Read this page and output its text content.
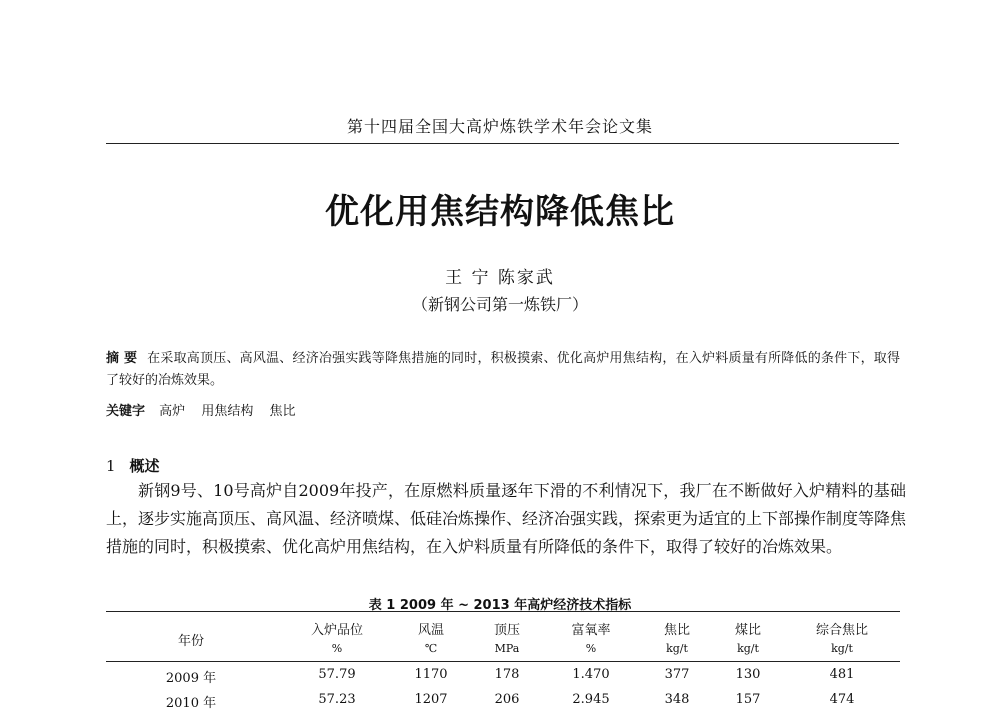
第十四届全国大高炉炼铁学术年会论文集
优化用焦结构降低焦比
王 宁 陈家武
（新钢公司第一炼铁厂）
摘 要 在采取高顶压、高风温、经济冶强实践等降焦措施的同时，积极摸索、优化高炉用焦结构，在入炉料质量有所降低的条件下，取得了较好的冶炼效果。
关键字 高炉 用焦结构 焦比
1 概述
新钢9号、10号高炉自2009年投产，在原燃料质量逐年下滑的不利情况下，我厂在不断做好入炉精料的基础上，逐步实施高顶压、高风温、经济喷煤、低硅冶炼操作、经济冶强实践，探索更为适宜的上下部操作制度等降焦措施的同时，积极摸索、优化高炉用焦结构，在入炉料质量有所降低的条件下，取得了较好的冶炼效果。
表 1 2009 年 ~ 2013 年高炉经济技术指标
年份
入炉品位	风温	顶压	富氧率	焦比	煤比	综合焦比
%	℃	MPa	%	kg/t	kg/t	kg/t
2009 年	57.79	1170	178	1.470	377	130	481
2010 年	57.23	1207	206	2.945	348	157	474
